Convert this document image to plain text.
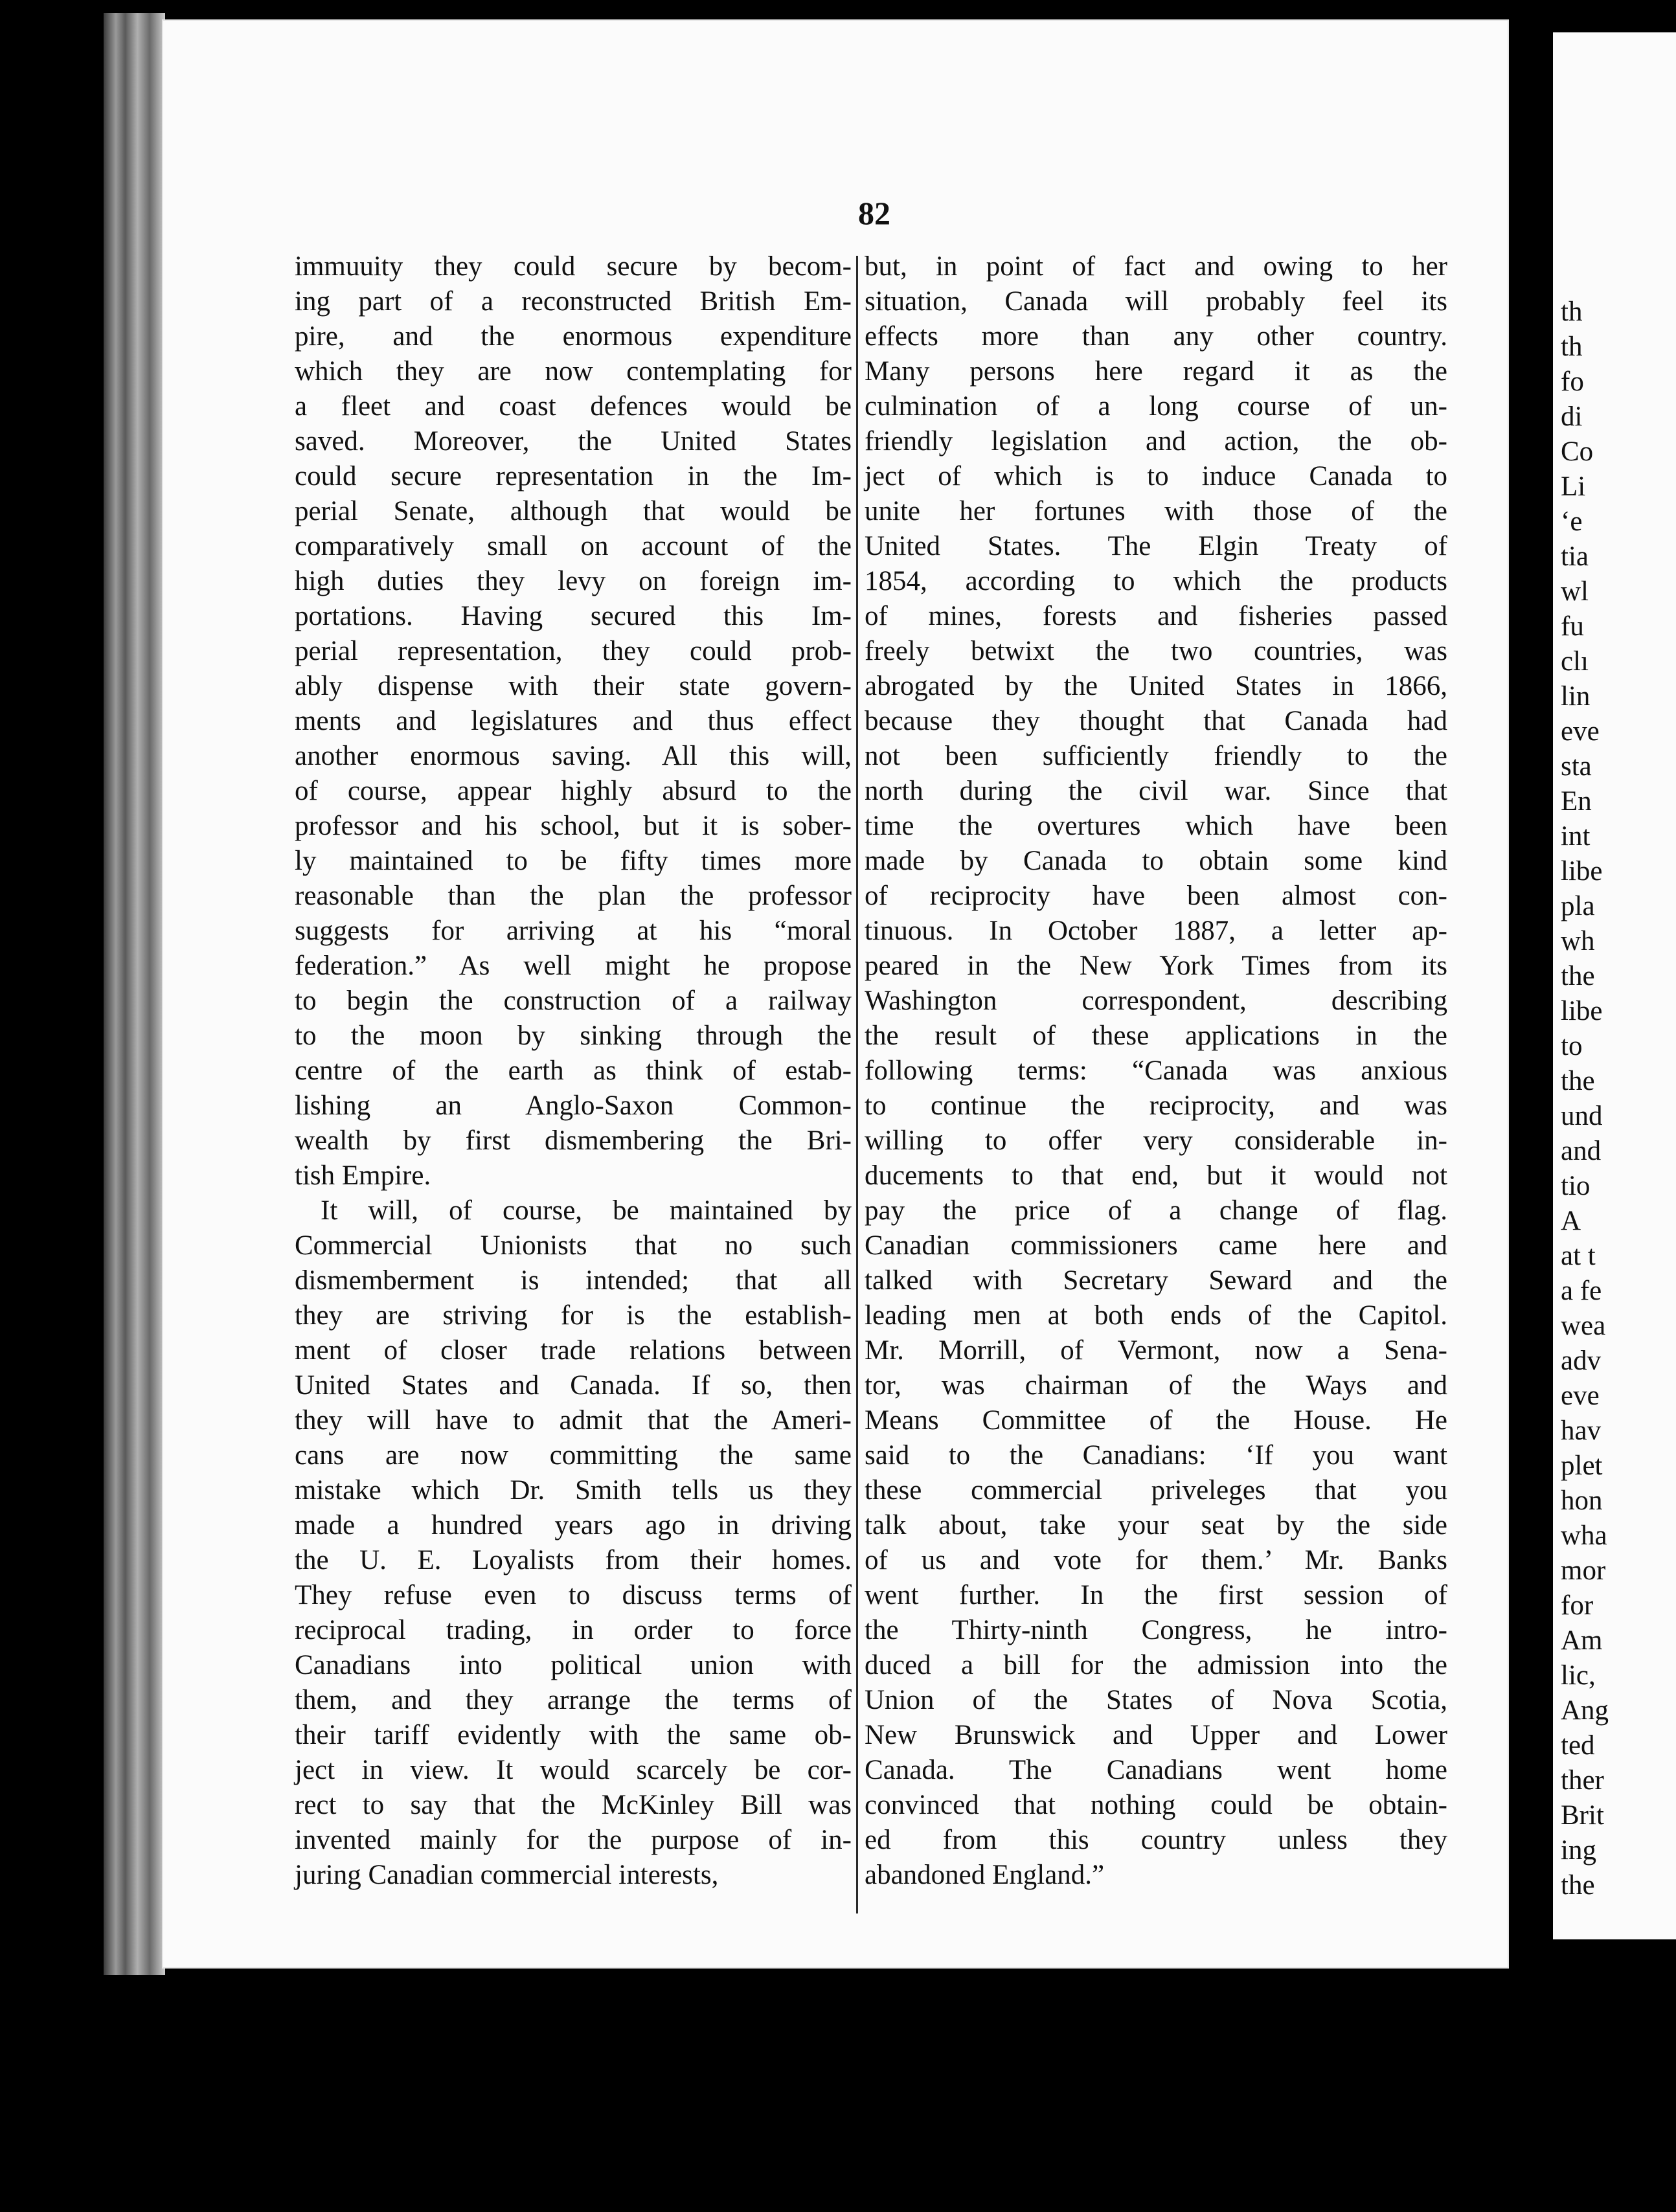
82
immuuity they could secure by becom-
ing part of a reconstructed British Em-
pire, and the enormous expenditure
which they are now contemplating for
a fleet and coast defences would be
saved. Moreover, the United States
could secure representation in the Im-
perial Senate, although that would be
comparatively small on account of the
high duties they levy on foreign im-
portations. Having secured this Im-
perial representation, they could prob-
ably dispense with their state govern-
ments and legislatures and thus effect
another enormous saving. All this will,
of course, appear highly absurd to the
professor and his school, but it is sober-
ly maintained to be fifty times more
reasonable than the plan the professor
suggests for arriving at his “moral
federation.” As well might he propose
to begin the construction of a railway
to the moon by sinking through the
centre of the earth as think of estab-
lishing an Anglo-Saxon Common-
wealth by first dismembering the Bri-
tish Empire.
It will, of course, be maintained by
Commercial Unionists that no such
dismemberment is intended; that all
they are striving for is the establish-
ment of closer trade relations between
United States and Canada. If so, then
they will have to admit that the Ameri-
cans are now committing the same
mistake which Dr. Smith tells us they
made a hundred years ago in driving
the U. E. Loyalists from their homes.
They refuse even to discuss terms of
reciprocal trading, in order to force
Canadians into political union with
them, and they arrange the terms of
their tariff evidently with the same ob-
ject in view. It would scarcely be cor-
rect to say that the McKinley Bill was
invented mainly for the purpose of in-
juring Canadian commercial interests,
but, in point of fact and owing to her
situation, Canada will probably feel its
effects more than any other country.
Many persons here regard it as the
culmination of a long course of un-
friendly legislation and action, the ob-
ject of which is to induce Canada to
unite her fortunes with those of the
United States. The Elgin Treaty of
1854, according to which the products
of mines, forests and fisheries passed
freely betwixt the two countries, was
abrogated by the United States in 1866,
because they thought that Canada had
not been sufficiently friendly to the
north during the civil war. Since that
time the overtures which have been
made by Canada to obtain some kind
of reciprocity have been almost con-
tinuous. In October 1887, a letter ap-
peared in the New York Times from its
Washington correspondent, describing
the result of these applications in the
following terms: “Canada was anxious
to continue the reciprocity, and was
willing to offer very considerable in-
ducements to that end, but it would not
pay the price of a change of flag.
Canadian commissioners came here and
talked with Secretary Seward and the
leading men at both ends of the Capitol.
Mr. Morrill, of Vermont, now a Sena-
tor, was chairman of the Ways and
Means Committee of the House. He
said to the Canadians: ‘If you want
these commercial priveleges that you
talk about, take your seat by the side
of us and vote for them.’ Mr. Banks
went further. In the first session of
the Thirty-ninth Congress, he intro-
duced a bill for the admission into the
Union of the States of Nova Scotia,
New Brunswick and Upper and Lower
Canada. The Canadians went home
convinced that nothing could be obtain-
ed from this country unless they
abandoned England.”
th
th
fo
di
Co
Li
‘e
tia
wl
fu
clı
lin
eve
sta
En
int
libe
pla
wh
the
libe
to
the
und
and
tio
A
at t
a fe
wea
adv
eve
hav
plet
hon
wha
mor
for
Am
lic,
Ang
ted
ther
Brit
ing
the
